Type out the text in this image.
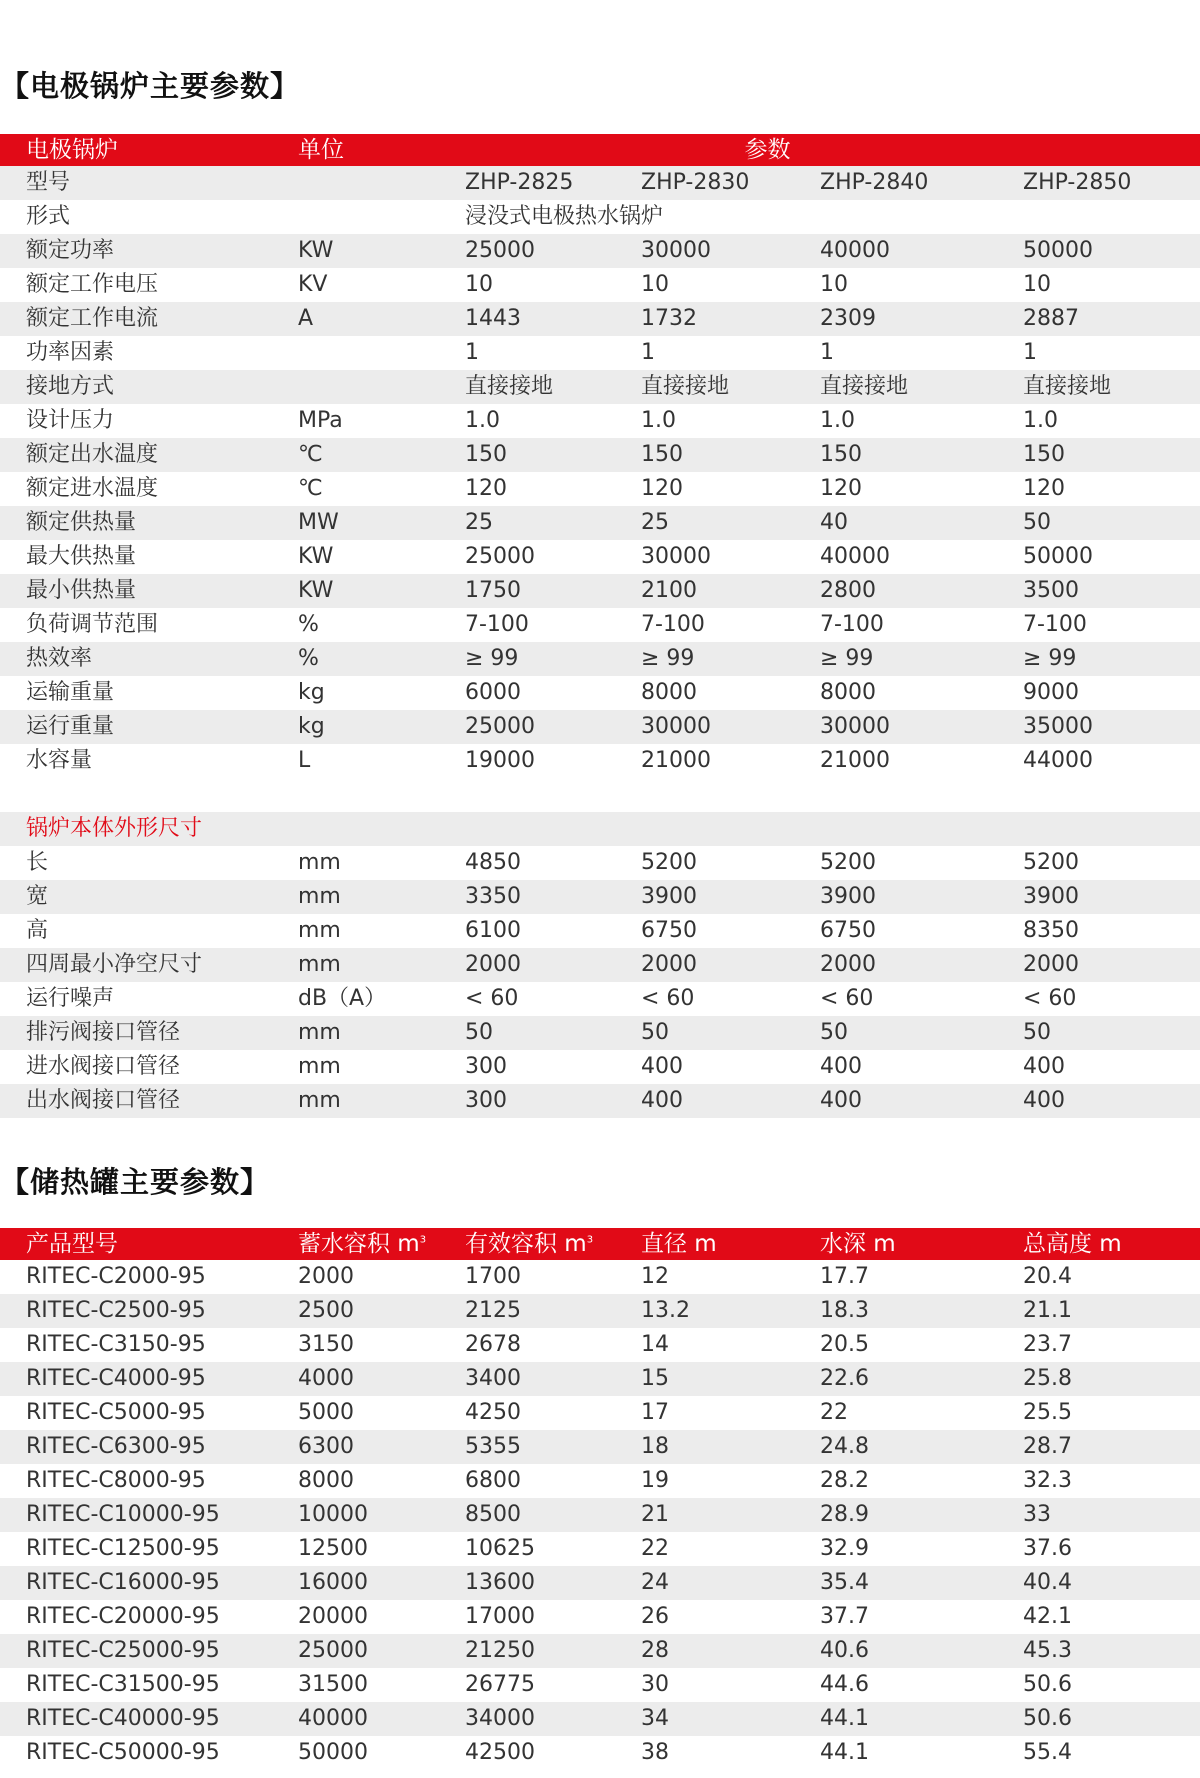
【电极锅炉主要参数】
电极锅炉	单位	参数			
型号		ZHP-2825	ZHP-2830	ZHP-2840	ZHP-2850
形式		浸没式电极热水锅炉			
额定功率	KW	25000	30000	40000	50000
额定工作电压	KV	10	10	10	10
额定工作电流	A	1443	1732	2309	2887
功率因素		1	1	1	1
接地方式		直接接地	直接接地	直接接地	直接接地
设计压力	MPa	1.0	1.0	1.0	1.0
额定出水温度	℃	150	150	150	150
额定进水温度	℃	120	120	120	120
额定供热量	MW	25	25	40	50
最大供热量	KW	25000	30000	40000	50000
最小供热量	KW	1750	2100	2800	3500
负荷调节范围	%	7-100	7-100	7-100	7-100
热效率	%	≥ 99	≥ 99	≥ 99	≥ 99
运输重量	kg	6000	8000	8000	9000
运行重量	kg	25000	30000	30000	35000
水容量	L	19000	21000	21000	44000

锅炉本体外形尺寸					
长	mm	4850	5200	5200	5200
宽	mm	3350	3900	3900	3900
高	mm	6100	6750	6750	8350
四周最小净空尺寸	mm	2000	2000	2000	2000
运行噪声	dB（A）	< 60	< 60	< 60	< 60
排污阀接口管径	mm	50	50	50	50
进水阀接口管径	mm	300	400	400	400
出水阀接口管径	mm	300	400	400	400
【储热罐主要参数】
产品型号	蓄水容积 $m^3$	有效容积 $m^3$	直径 m	水深 m	总高度 m
RITEC-C2000-95	2000	1700	12	17.7	20.4
RITEC-C2500-95	2500	2125	13.2	18.3	21.1
RITEC-C3150-95	3150	2678	14	20.5	23.7
RITEC-C4000-95	4000	3400	15	22.6	25.8
RITEC-C5000-95	5000	4250	17	22	25.5
RITEC-C6300-95	6300	5355	18	24.8	28.7
RITEC-C8000-95	8000	6800	19	28.2	32.3
RITEC-C10000-95	10000	8500	21	28.9	33
RITEC-C12500-95	12500	10625	22	32.9	37.6
RITEC-C16000-95	16000	13600	24	35.4	40.4
RITEC-C20000-95	20000	17000	26	37.7	42.1
RITEC-C25000-95	25000	21250	28	40.6	45.3
RITEC-C31500-95	31500	26775	30	44.6	50.6
RITEC-C40000-95	40000	34000	34	44.1	50.6
RITEC-C50000-95	50000	42500	38	44.1	55.4
